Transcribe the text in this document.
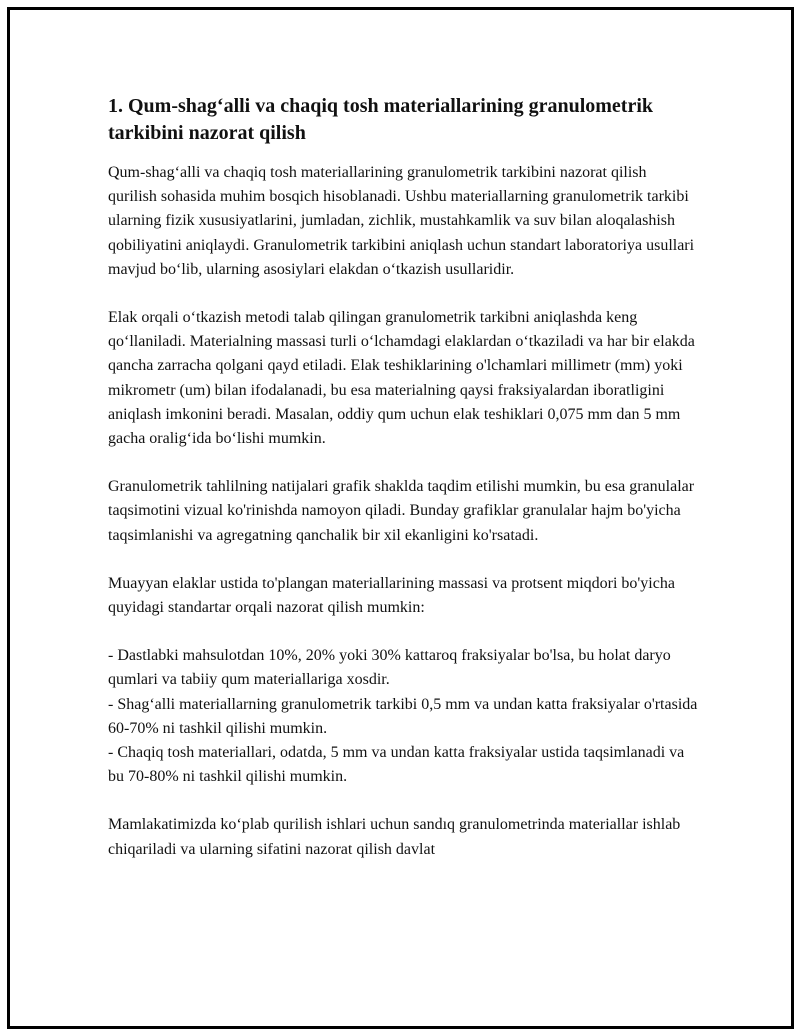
1. Qum-shag‘alli va chaqiq tosh materiallarining granulometrik tarkibini nazorat qilish

Qum-shag‘alli va chaqiq tosh materiallarining granulometrik tarkibini nazorat qilish qurilish sohasida muhim bosqich hisoblanadi. Ushbu materiallarning granulometrik tarkibi ularning fizik xususiyatlarini, jumladan, zichlik, mustahkamlik va suv bilan aloqalashish qobiliyatini aniqlaydi. Granulometrik tarkibini aniqlash uchun standart laboratoriya usullari mavjud bo‘lib, ularning asosiylari elakdan o‘tkazish usullaridir.

Elak orqali o‘tkazish metodi talab qilingan granulometrik tarkibni aniqlashda keng qo‘llaniladi. Materialning massasi turli o‘lchamdagi elaklardan o‘tkaziladi va har bir elakda qancha zarracha qolgani qayd etiladi. Elak teshiklarining o'lchamlari millimetr (mm) yoki mikrometr (um) bilan ifodalanadi, bu esa materialning qaysi fraksiyalardan iboratligini aniqlash imkonini beradi. Masalan, oddiy qum uchun elak teshiklari 0,075 mm dan 5 mm gacha oralig‘ida bo‘lishi mumkin.

Granulometrik tahlilning natijalari grafik shaklda taqdim etilishi mumkin, bu esa granulalar taqsimotini vizual ko'rinishda namoyon qiladi. Bunday grafiklar granulalar hajm bo'yicha taqsimlanishi va agregatning qanchalik bir xil ekanligini ko'rsatadi.

Muayyan elaklar ustida to'plangan materiallarining massasi va protsent miqdori bo'yicha quyidagi standartar orqali nazorat qilish mumkin:

- Dastlabki mahsulotdan 10%, 20% yoki 30% kattaroq fraksiyalar bo'lsa, bu holat daryo qumlari va tabiiy qum materiallariga xosdir.

- Shag‘alli materiallarning granulometrik tarkibi 0,5 mm va undan katta fraksiyalar o'rtasida 60-70% ni tashkil qilishi mumkin.

- Chaqiq tosh materiallari, odatda, 5 mm va undan katta fraksiyalar ustida taqsimlanadi va bu 70-80% ni tashkil qilishi mumkin.

Mamlakatimizda ko‘plab qurilish ishlari uchun sandıq granulometrinda materiallar ishlab chiqariladi va ularning sifatini nazorat qilish davlat
